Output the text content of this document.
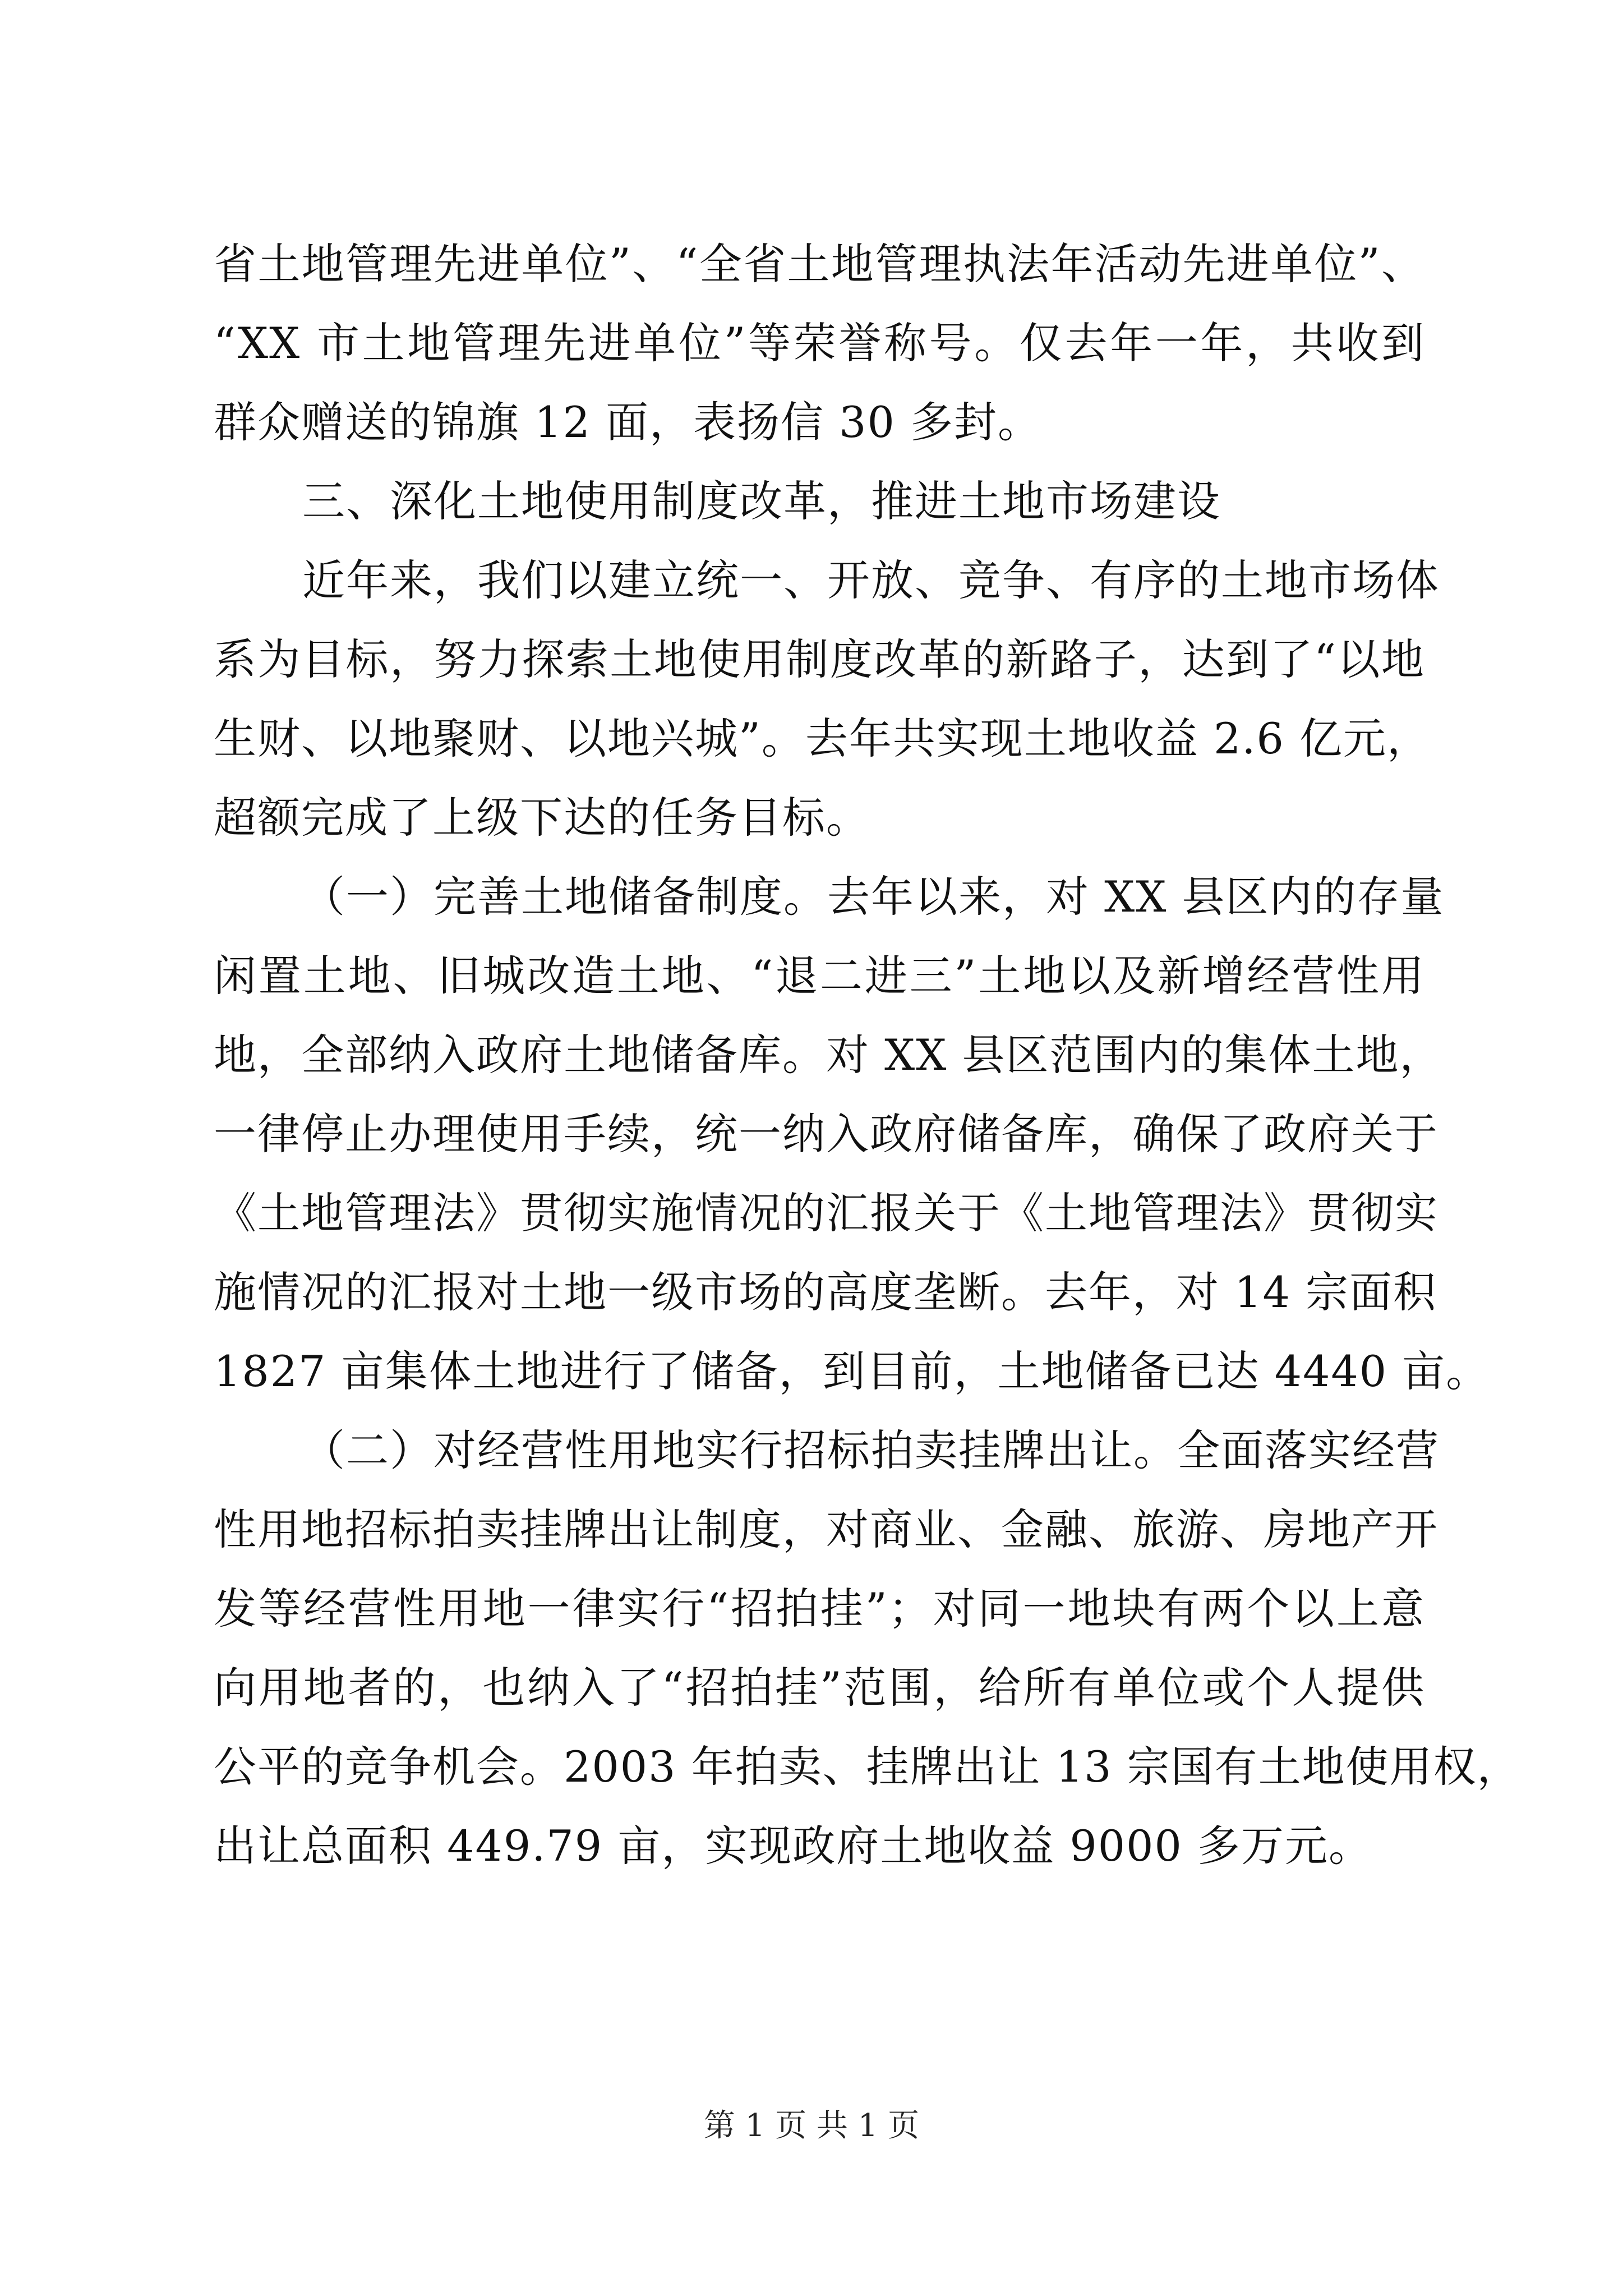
省土地管理先进单位”、“全省土地管理执法年活动先进单位”、
“XX 市土地管理先进单位”等荣誉称号。仅去年一年，共收到
群众赠送的锦旗 12 面，表扬信 30 多封。
三、深化土地使用制度改革，推进土地市场建设
近年来，我们以建立统一、开放、竞争、有序的土地市场体
系为目标，努力探索土地使用制度改革的新路子，达到了“以地
生财、以地聚财、以地兴城”。去年共实现土地收益 2.6 亿元，
超额完成了上级下达的任务目标。
（一）完善土地储备制度。去年以来，对 XX 县区内的存量
闲置土地、旧城改造土地、“退二进三”土地以及新增经营性用
地，全部纳入政府土地储备库。对 XX 县区范围内的集体土地，
一律停止办理使用手续，统一纳入政府储备库，确保了政府关于
《土地管理法》贯彻实施情况的汇报关于《土地管理法》贯彻实
施情况的汇报对土地一级市场的高度垄断。去年，对 14 宗面积
1827 亩集体土地进行了储备，到目前，土地储备已达 4440 亩。
（二）对经营性用地实行招标拍卖挂牌出让。全面落实经营
性用地招标拍卖挂牌出让制度，对商业、金融、旅游、房地产开
发等经营性用地一律实行“招拍挂”；对同一地块有两个以上意
向用地者的，也纳入了“招拍挂”范围，给所有单位或个人提供
公平的竞争机会。2003 年拍卖、挂牌出让 13 宗国有土地使用权，
出让总面积 449.79 亩，实现政府土地收益 9000 多万元。
第 1 页 共 1 页
